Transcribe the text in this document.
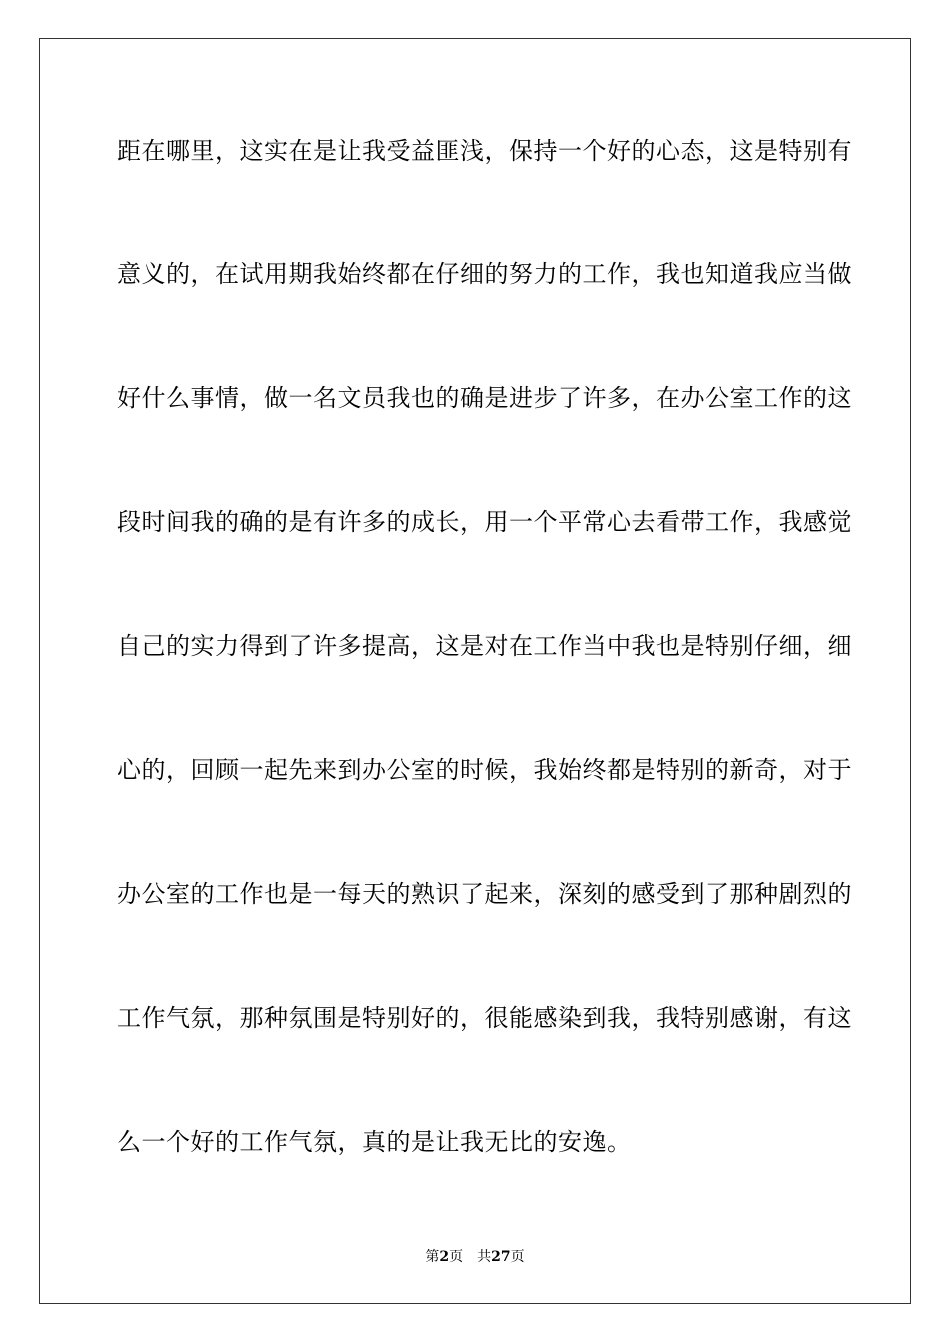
距在哪里，这实在是让我受益匪浅，保持一个好的心态，这是特别有
意义的，在试用期我始终都在仔细的努力的工作，我也知道我应当做
好什么事情，做一名文员我也的确是进步了许多，在办公室工作的这
段时间我的确的是有许多的成长，用一个平常心去看带工作，我感觉
自己的实力得到了许多提高，这是对在工作当中我也是特别仔细，细
心的，回顾一起先来到办公室的时候，我始终都是特别的新奇，对于
办公室的工作也是一每天的熟识了起来，深刻的感受到了那种剧烈的
工作气氛，那种氛围是特别好的，很能感染到我，我特别感谢，有这
么一个好的工作气氛，真的是让我无比的安逸。
第2页 共27页
